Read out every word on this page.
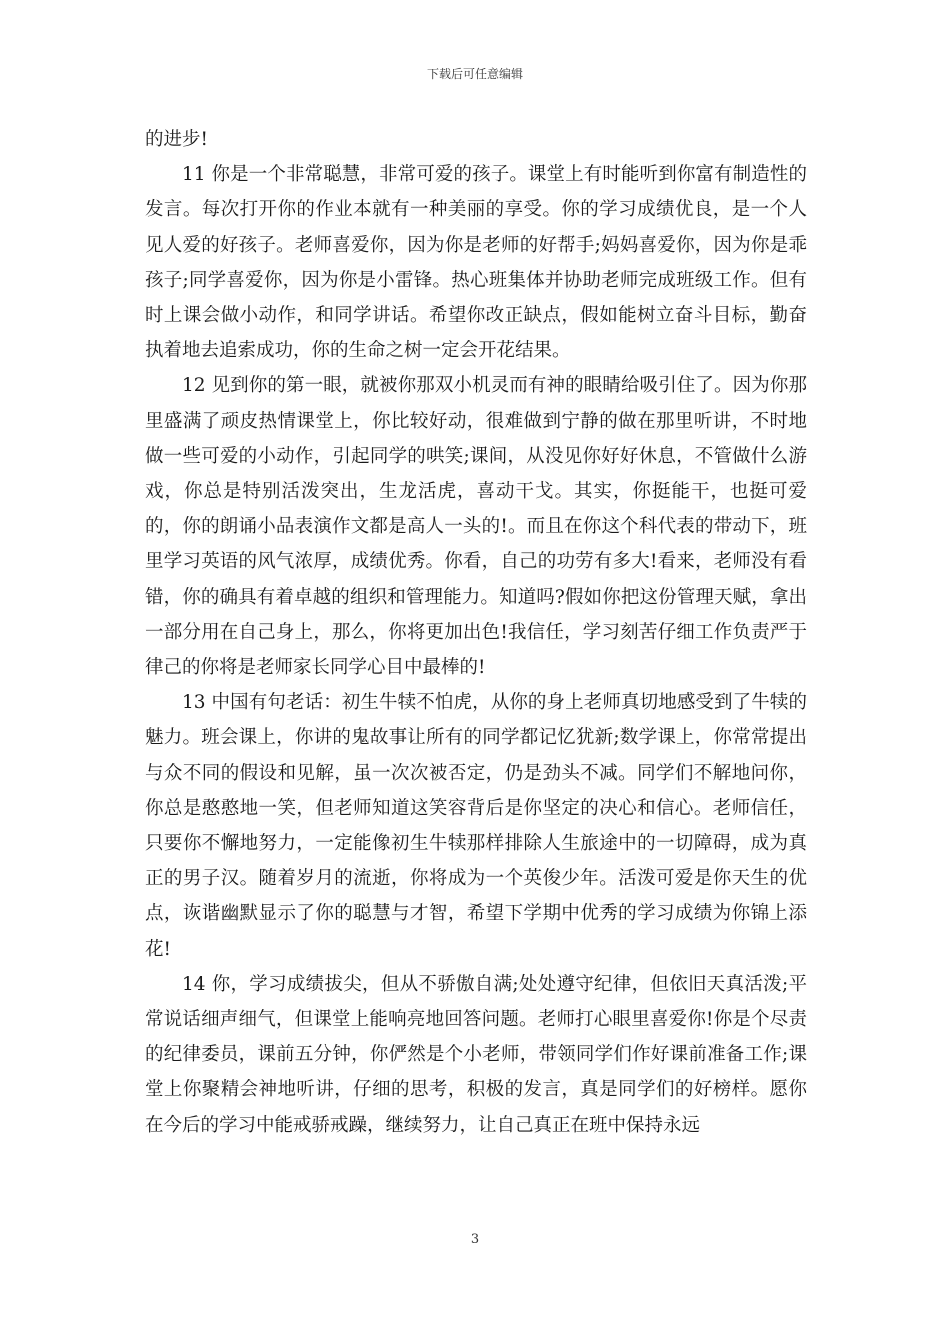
下载后可任意编辑

的进步!

11 你是一个非常聪慧，非常可爱的孩子。课堂上有时能听到你富有制造性的发言。每次打开你的作业本就有一种美丽的享受。你的学习成绩优良，是一个人见人爱的好孩子。老师喜爱你，因为你是老师的好帮手;妈妈喜爱你，因为你是乖孩子;同学喜爱你，因为你是小雷锋。热心班集体并协助老师完成班级工作。但有时上课会做小动作，和同学讲话。希望你改正缺点，假如能树立奋斗目标，勤奋执着地去追索成功，你的生命之树一定会开花结果。

12 见到你的第一眼，就被你那双小机灵而有神的眼睛给吸引住了。因为你那里盛满了顽皮热情课堂上，你比较好动，很难做到宁静的做在那里听讲，不时地做一些可爱的小动作，引起同学的哄笑;课间，从没见你好好休息，不管做什么游戏，你总是特别活泼突出，生龙活虎，喜动干戈。其实，你挺能干，也挺可爱的，你的朗诵小品表演作文都是高人一头的!。而且在你这个科代表的带动下，班里学习英语的风气浓厚，成绩优秀。你看，自己的功劳有多大!看来，老师没有看错，你的确具有着卓越的组织和管理能力。知道吗?假如你把这份管理天赋，拿出一部分用在自己身上，那么，你将更加出色!我信任，学习刻苦仔细工作负责严于律己的你将是老师家长同学心目中最棒的!

13 中国有句老话：初生牛犊不怕虎，从你的身上老师真切地感受到了牛犊的魅力。班会课上，你讲的鬼故事让所有的同学都记忆犹新;数学课上，你常常提出与众不同的假设和见解，虽一次次被否定，仍是劲头不减。同学们不解地问你，你总是憨憨地一笑，但老师知道这笑容背后是你坚定的决心和信心。老师信任，只要你不懈地努力，一定能像初生牛犊那样排除人生旅途中的一切障碍，成为真正的男子汉。随着岁月的流逝，你将成为一个英俊少年。活泼可爱是你天生的优点，诙谐幽默显示了你的聪慧与才智，希望下学期中优秀的学习成绩为你锦上添花!

14 你，学习成绩拔尖，但从不骄傲自满;处处遵守纪律，但依旧天真活泼;平常说话细声细气，但课堂上能响亮地回答问题。老师打心眼里喜爱你!你是个尽责的纪律委员，课前五分钟，你俨然是个小老师，带领同学们作好课前准备工作;课堂上你聚精会神地听讲，仔细的思考，积极的发言，真是同学们的好榜样。愿你在今后的学习中能戒骄戒躁，继续努力，让自己真正在班中保持永远

3
